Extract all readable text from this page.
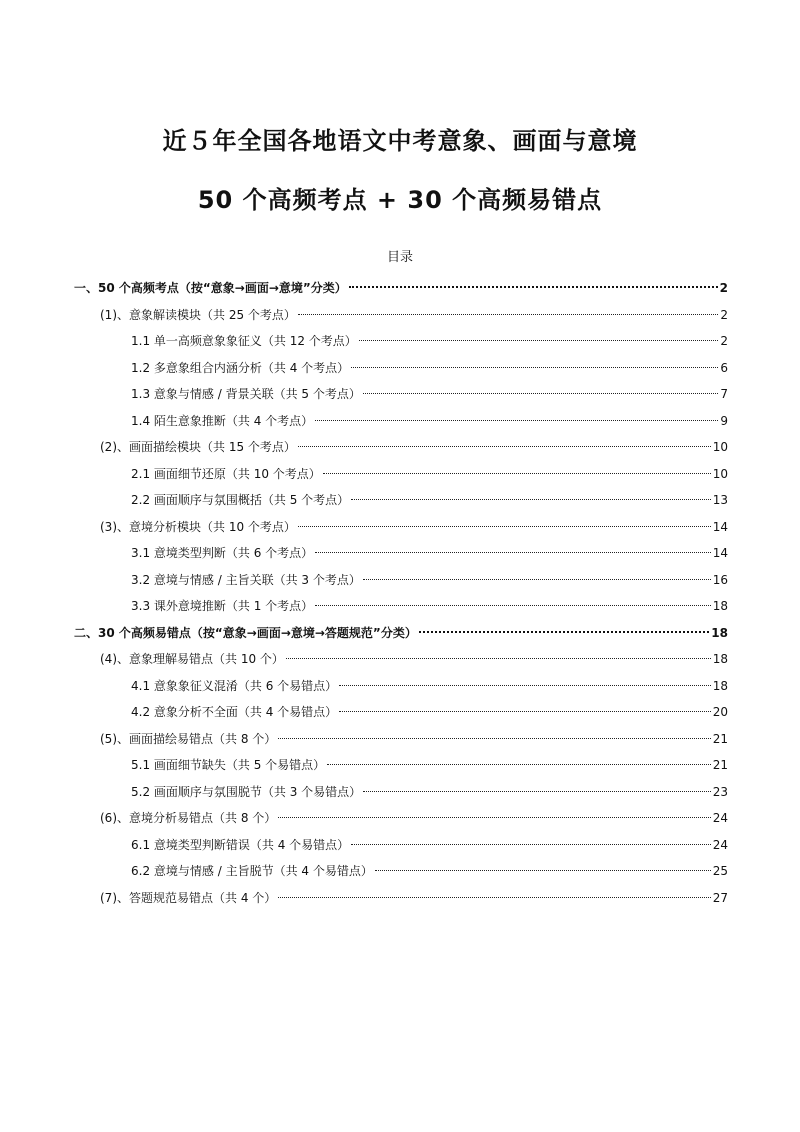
近５年全国各地语文中考意象、画面与意境
50 个高频考点 + 30 个高频易错点
目录
一、50 个高频考点（按“意象→画面→意境”分类）	2
(1)、意象解读模块（共 25 个考点）	2
1.1 单一高频意象象征义（共 12 个考点）	2
1.2 多意象组合内涵分析（共 4 个考点）	6
1.3 意象与情感 / 背景关联（共 5 个考点）	7
1.4 陌生意象推断（共 4 个考点）	9
(2)、画面描绘模块（共 15 个考点）	10
2.1 画面细节还原（共 10 个考点）	10
2.2 画面顺序与氛围概括（共 5 个考点）	13
(3)、意境分析模块（共 10 个考点）	14
3.1 意境类型判断（共 6 个考点）	14
3.2 意境与情感 / 主旨关联（共 3 个考点）	16
3.3 课外意境推断（共 1 个考点）	18
二、30 个高频易错点（按“意象→画面→意境→答题规范”分类）	18
(4)、意象理解易错点（共 10 个）	18
4.1 意象象征义混淆（共 6 个易错点）	18
4.2 意象分析不全面（共 4 个易错点）	20
(5)、画面描绘易错点（共 8 个）	21
5.1 画面细节缺失（共 5 个易错点）	21
5.2 画面顺序与氛围脱节（共 3 个易错点）	23
(6)、意境分析易错点（共 8 个）	24
6.1 意境类型判断错误（共 4 个易错点）	24
6.2 意境与情感 / 主旨脱节（共 4 个易错点）	25
(7)、答题规范易错点（共 4 个）	27
